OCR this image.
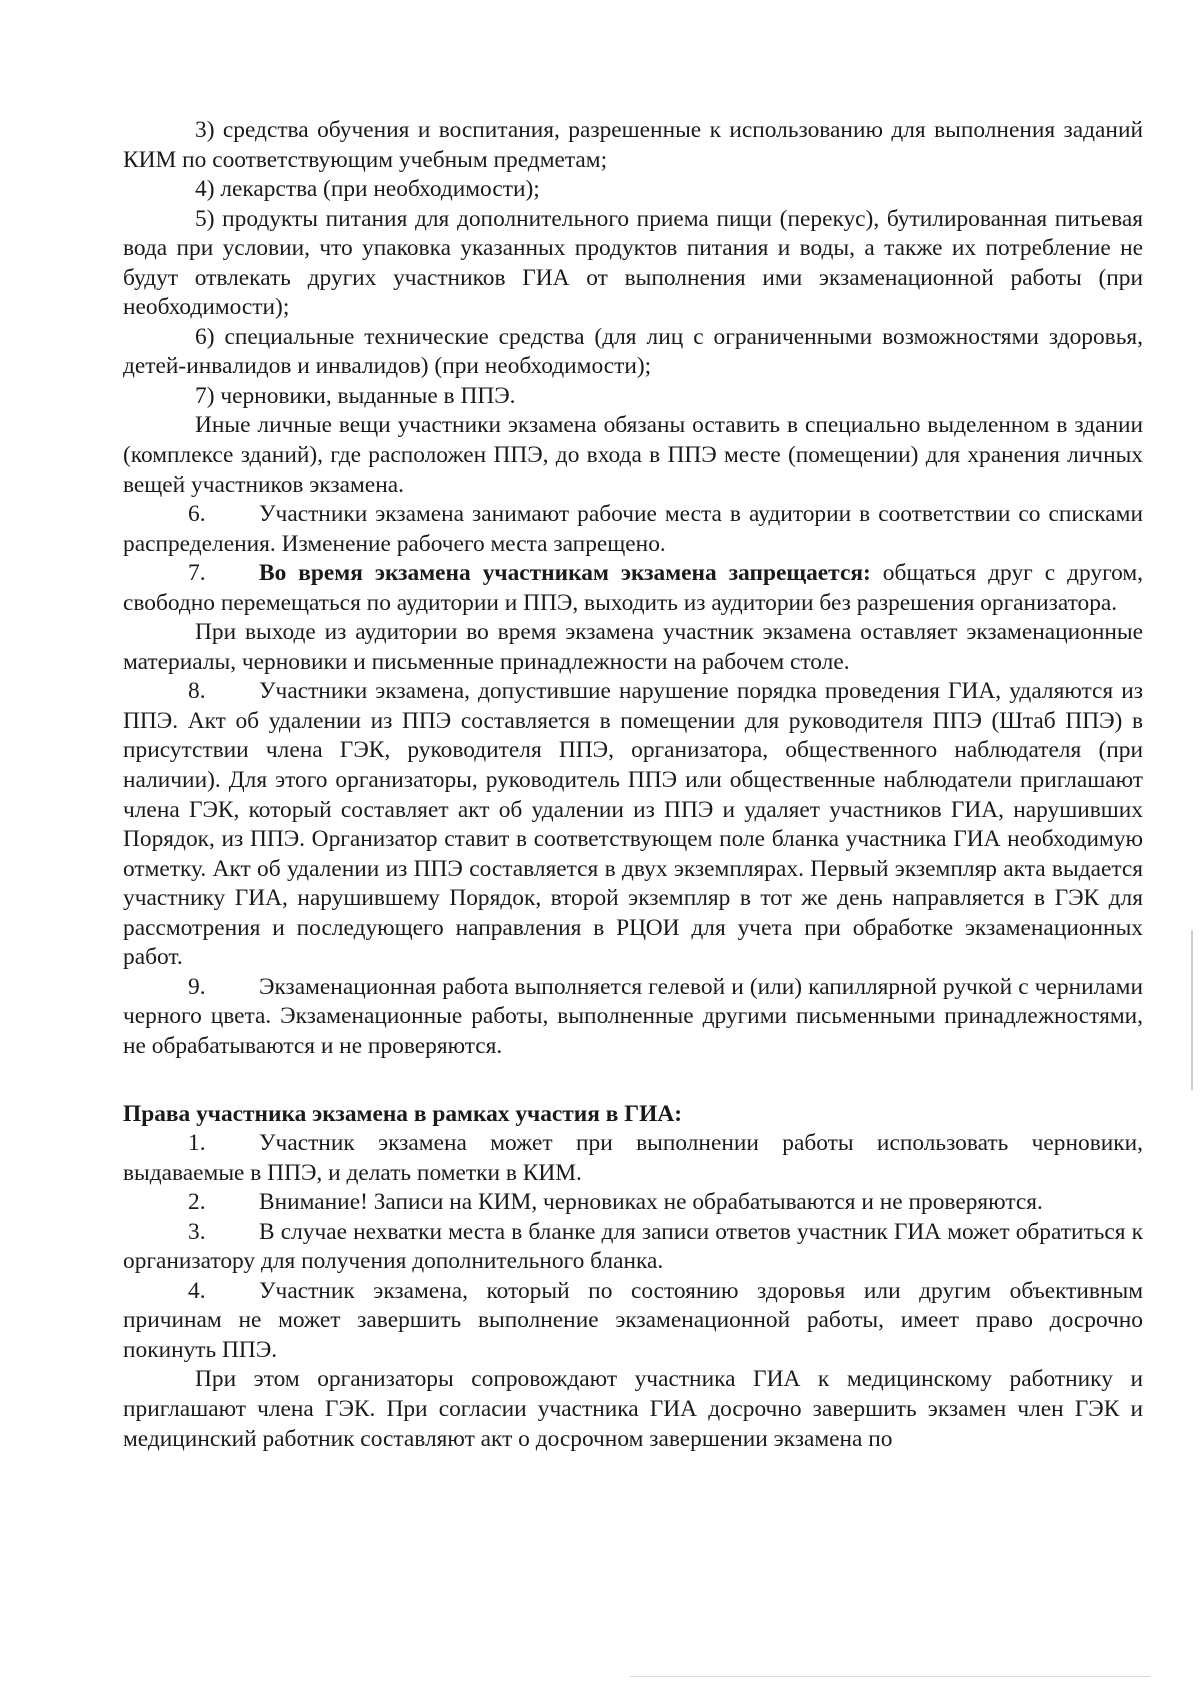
3) средства обучения и воспитания, разрешенные к использованию для выполнения заданий КИМ по соответствующим учебным предметам;

4) лекарства (при необходимости);

5) продукты питания для дополнительного приема пищи (перекус), бутилированная питьевая вода при условии, что упаковка указанных продуктов питания и воды, а также их потребление не будут отвлекать других участников ГИА от выполнения ими экзаменационной работы (при необходимости);

6) специальные технические средства (для лиц с ограниченными возможностями здоровья, детей-инвалидов и инвалидов) (при необходимости);

7) черновики, выданные в ППЭ.

Иные личные вещи участники экзамена обязаны оставить в специально выделенном в здании (комплексе зданий), где расположен ППЭ, до входа в ППЭ месте (помещении) для хранения личных вещей участников экзамена.

6. Участники экзамена занимают рабочие места в аудитории в соответствии со списками распределения. Изменение рабочего места запрещено.

7. Во время экзамена участникам экзамена запрещается: общаться друг с другом, свободно перемещаться по аудитории и ППЭ, выходить из аудитории без разрешения организатора.

При выходе из аудитории во время экзамена участник экзамена оставляет экзаменационные материалы, черновики и письменные принадлежности на рабочем столе.

8. Участники экзамена, допустившие нарушение порядка проведения ГИА, удаляются из ППЭ. Акт об удалении из ППЭ составляется в помещении для руководителя ППЭ (Штаб ППЭ) в присутствии члена ГЭК, руководителя ППЭ, организатора, общественного наблюдателя (при наличии). Для этого организаторы, руководитель ППЭ или общественные наблюдатели приглашают члена ГЭК, который составляет акт об удалении из ППЭ и удаляет участников ГИА, нарушивших Порядок, из ППЭ. Организатор ставит в соответствующем поле бланка участника ГИА необходимую отметку. Акт об удалении из ППЭ составляется в двух экземплярах. Первый экземпляр акта выдается участнику ГИА, нарушившему Порядок, второй экземпляр в тот же день направляется в ГЭК для рассмотрения и последующего направления в РЦОИ для учета при обработке экзаменационных работ.

9. Экзаменационная работа выполняется гелевой и (или) капиллярной ручкой с чернилами черного цвета. Экзаменационные работы, выполненные другими письменными принадлежностями, не обрабатываются и не проверяются.

Права участника экзамена в рамках участия в ГИА:

1. Участник экзамена может при выполнении работы использовать черновики, выдаваемые в ППЭ, и делать пометки в КИМ.

2. Внимание! Записи на КИМ, черновиках не обрабатываются и не проверяются.

3. В случае нехватки места в бланке для записи ответов участник ГИА может обратиться к организатору для получения дополнительного бланка.

4. Участник экзамена, который по состоянию здоровья или другим объективным причинам не может завершить выполнение экзаменационной работы, имеет право досрочно покинуть ППЭ.

При этом организаторы сопровождают участника ГИА к медицинскому работнику и приглашают члена ГЭК. При согласии участника ГИА досрочно завершить экзамен член ГЭК и медицинский работник составляют акт о досрочном завершении экзамена по
